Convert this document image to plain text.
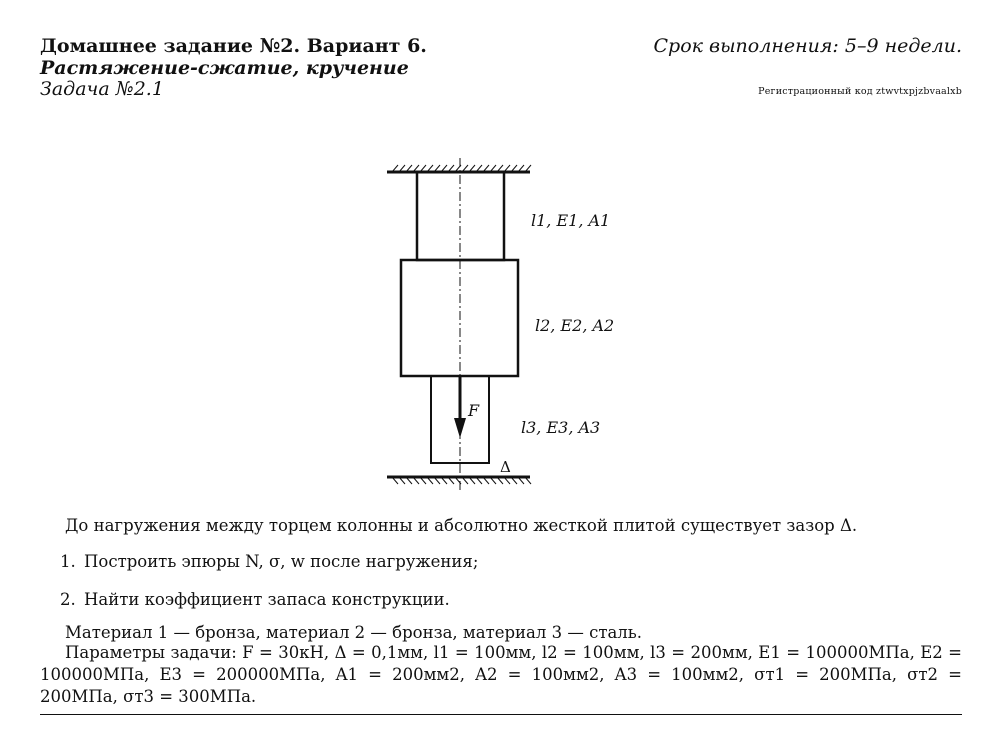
Домашнее задание №2. Вариант 6.
Растяжение-сжатие, кручение
Задача №2.1
Срок выполнения: 5–9 недели.
Регистрационный код ztwvtxpjzbvaalxb
F
l1, E1, A1
l2, E2, A2
l3, E3, A3
Δ
До нагружения между торцем колонны и абсолютно жесткой плитой существует зазор Δ.
1. Построить эпюры N, σ, w после нагружения;
2. Найти коэффициент запаса конструкции.
Материал 1 — бронза, материал 2 — бронза, материал 3 — сталь.
Параметры задачи: F = 30кН, Δ = 0,1мм, l1 = 100мм, l2 = 100мм, l3 = 200мм, E1 = 100000МПа, E2 = 100000МПа, E3 = 200000МПа, A1 = 200мм2, A2 = 100мм2, A3 = 100мм2, σт1 = 200МПа, σт2 = 200МПа, σт3 = 300МПа.
